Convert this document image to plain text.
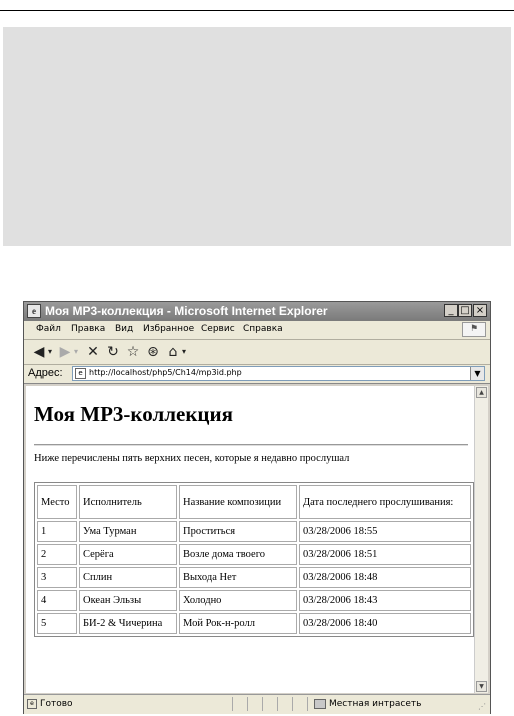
e Моя MP3-коллекция - Microsoft Internet Explorer	_ □ ×
Файл Правка Вид Избранное Сервис Справка	⚑
◀ ▾ ▶ ▾ ✕ ↻ ☆ ⊛ ⌂ ▾
Адрес:	e http://localhost/php5/Ch14/mp3id.php	▼
Моя MP3-коллекция
Ниже перечислены пять верхних песен, которые я недавно прослушал
Место	Исполнитель	Название композиции	Дата последнего прослушивания:
1	Ума Турман	Проститься	03/28/2006 18:55
2	Серёга	Возле дома твоего	03/28/2006 18:51
3	Сплин	Выхода Нет	03/28/2006 18:48
4	Океан Эльзы	Холодно	03/28/2006 18:43
5	БИ-2 & Чичерина	Мой Рок-н-ролл	03/28/2006 18:40
▲
▼
e Готово	Местная интрасеть	⋰
